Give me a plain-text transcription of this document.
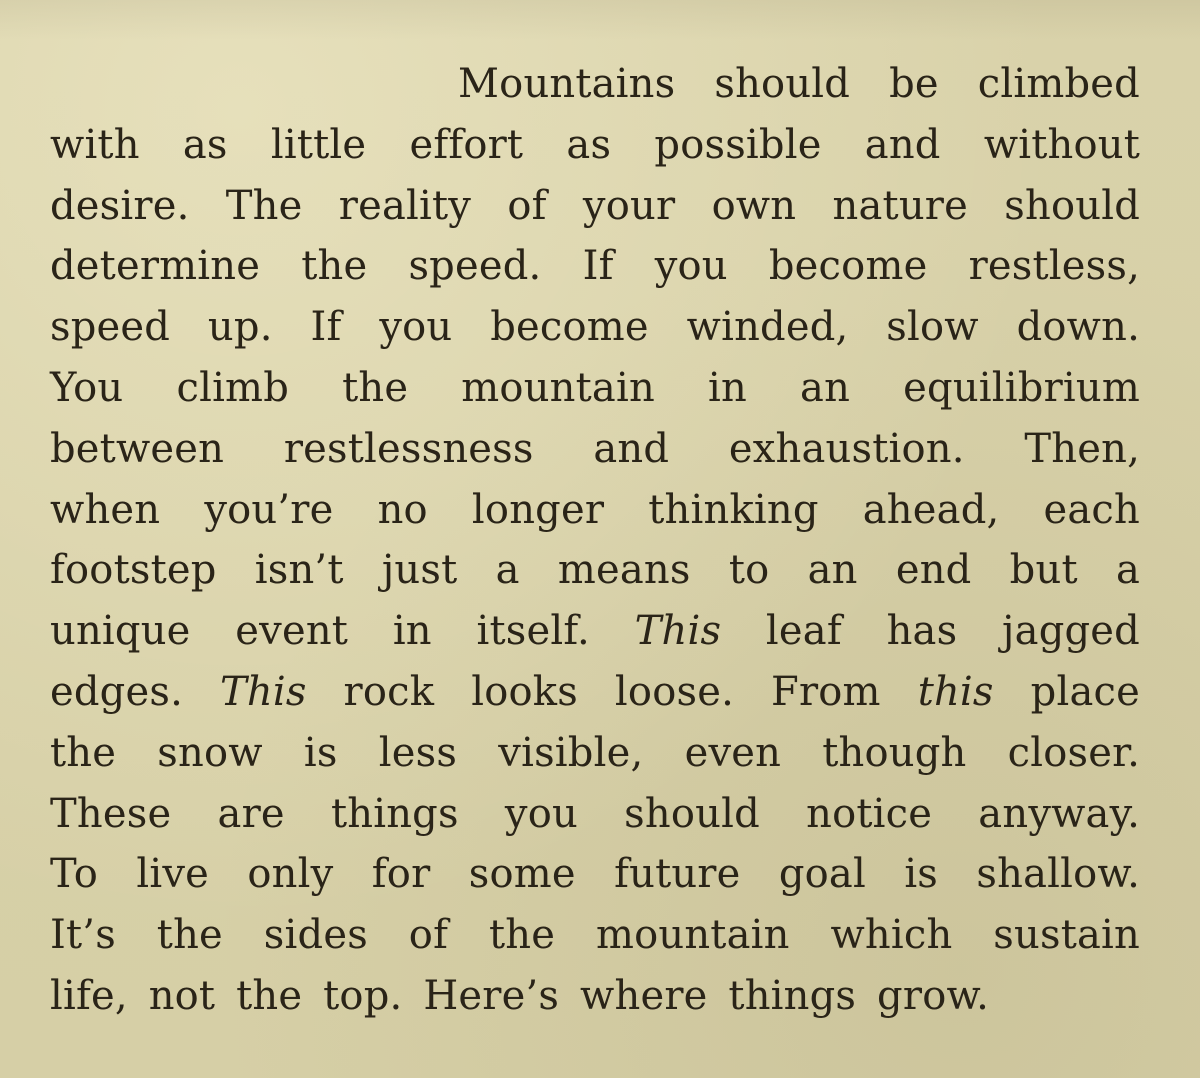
Mountains should be climbed
with as little effort as possible and without
desire. The reality of your own nature should
determine the speed. If you become restless,
speed up. If you become winded, slow down.
You climb the mountain in an equilibrium
between restlessness and exhaustion. Then,
when you’re no longer thinking ahead, each
footstep isn’t just a means to an end but a
unique event in itself. This leaf has jagged
edges. This rock looks loose. From this place
the snow is less visible, even though closer.
These are things you should notice anyway.
To live only for some future goal is shallow.
It’s the sides of the mountain which sustain
life, not the top. Here’s where things grow.
